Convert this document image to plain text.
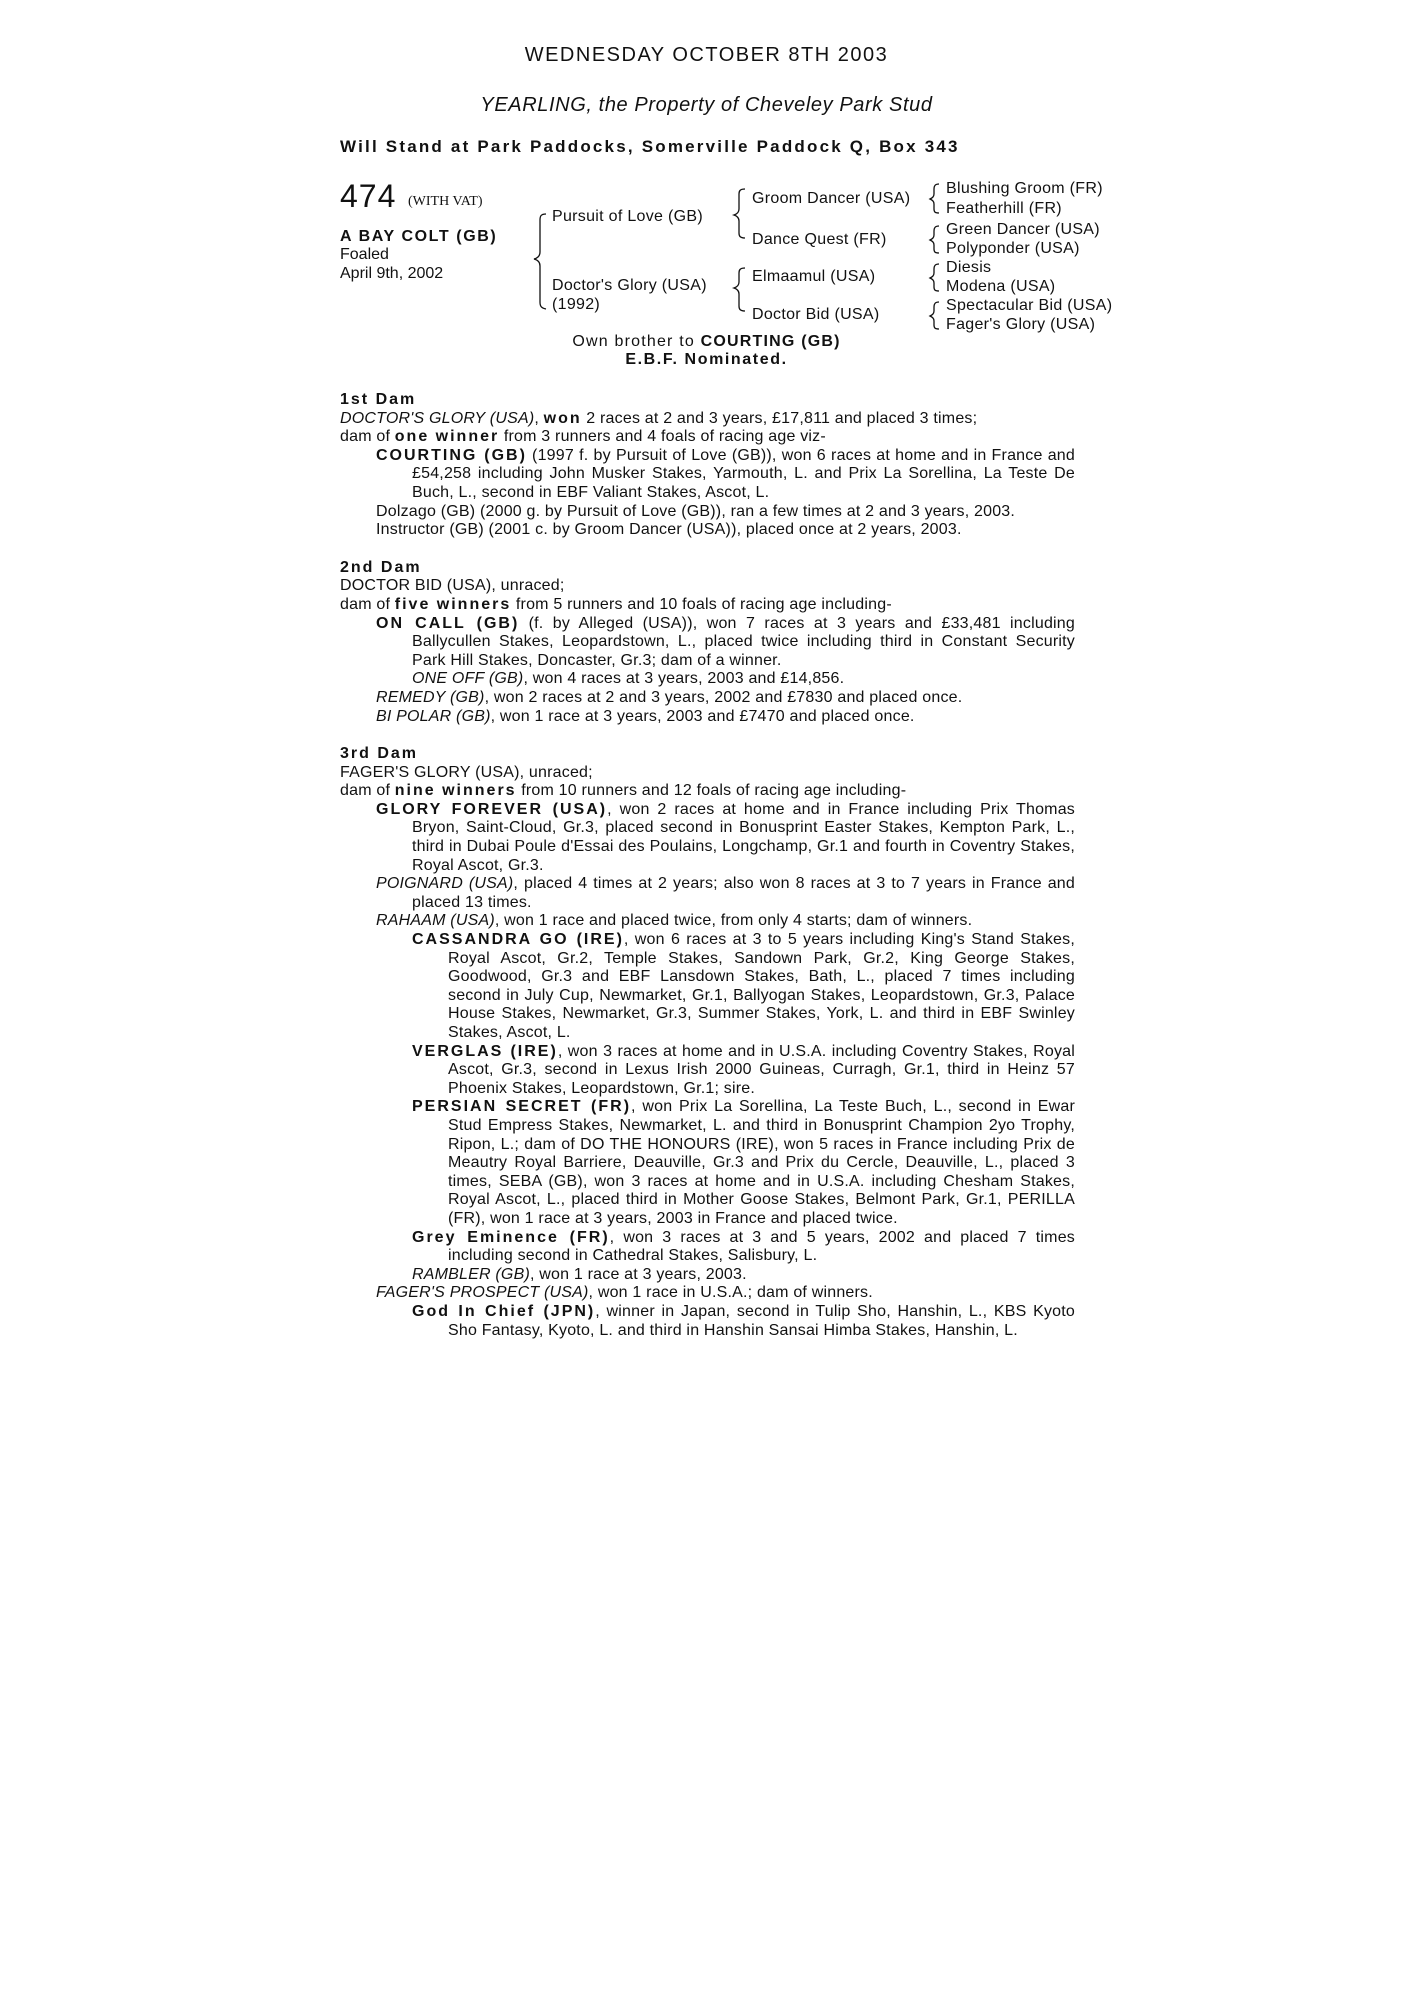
WEDNESDAY OCTOBER 8TH 2003
YEARLING, the Property of Cheveley Park Stud
Will Stand at Park Paddocks, Somerville Paddock Q, Box 343
474 (WITH VAT)
A BAY COLT (GB)
Foaled
April 9th, 2002
Pursuit of Love (GB)
Doctor's Glory (USA)
(1992)
Groom Dancer (USA)
Dance Quest (FR)
Elmaamul (USA)
Doctor Bid (USA)
Blushing Groom (FR)
Featherhill (FR)
Green Dancer (USA)
Polyponder (USA)
Diesis
Modena (USA)
Spectacular Bid (USA)
Fager's Glory (USA)
Own brother to COURTING (GB)
E.B.F. Nominated.

1st Dam

DOCTOR'S GLORY (USA), won 2 races at 2 and 3 years, £17,811 and placed 3 times;

dam of one winner from 3 runners and 4 foals of racing age viz-

COURTING (GB) (1997 f. by Pursuit of Love (GB)), won 6 races at home and in France and £54,258 including John Musker Stakes, Yarmouth, L. and Prix La Sorellina, La Teste De Buch, L., second in EBF Valiant Stakes, Ascot, L.

Dolzago (GB) (2000 g. by Pursuit of Love (GB)), ran a few times at 2 and 3 years, 2003.

Instructor (GB) (2001 c. by Groom Dancer (USA)), placed once at 2 years, 2003.

2nd Dam

DOCTOR BID (USA), unraced;

dam of five winners from 5 runners and 10 foals of racing age including-

ON CALL (GB) (f. by Alleged (USA)), won 7 races at 3 years and £33,481 including Ballycullen Stakes, Leopardstown, L., placed twice including third in Constant Security Park Hill Stakes, Doncaster, Gr.3; dam of a winner.

ONE OFF (GB), won 4 races at 3 years, 2003 and £14,856.

REMEDY (GB), won 2 races at 2 and 3 years, 2002 and £7830 and placed once.

BI POLAR (GB), won 1 race at 3 years, 2003 and £7470 and placed once.

3rd Dam

FAGER'S GLORY (USA), unraced;

dam of nine winners from 10 runners and 12 foals of racing age including-

GLORY FOREVER (USA), won 2 races at home and in France including Prix Thomas Bryon, Saint-Cloud, Gr.3, placed second in Bonusprint Easter Stakes, Kempton Park, L., third in Dubai Poule d'Essai des Poulains, Longchamp, Gr.1 and fourth in Coventry Stakes, Royal Ascot, Gr.3.

POIGNARD (USA), placed 4 times at 2 years; also won 8 races at 3 to 7 years in France and placed 13 times.

RAHAAM (USA), won 1 race and placed twice, from only 4 starts; dam of winners.

CASSANDRA GO (IRE), won 6 races at 3 to 5 years including King's Stand Stakes, Royal Ascot, Gr.2, Temple Stakes, Sandown Park, Gr.2, King George Stakes, Goodwood, Gr.3 and EBF Lansdown Stakes, Bath, L., placed 7 times including second in July Cup, Newmarket, Gr.1, Ballyogan Stakes, Leopardstown, Gr.3, Palace House Stakes, Newmarket, Gr.3, Summer Stakes, York, L. and third in EBF Swinley Stakes, Ascot, L.

VERGLAS (IRE), won 3 races at home and in U.S.A. including Coventry Stakes, Royal Ascot, Gr.3, second in Lexus Irish 2000 Guineas, Curragh, Gr.1, third in Heinz 57 Phoenix Stakes, Leopardstown, Gr.1; sire.

PERSIAN SECRET (FR), won Prix La Sorellina, La Teste Buch, L., second in Ewar Stud Empress Stakes, Newmarket, L. and third in Bonusprint Champion 2yo Trophy, Ripon, L.; dam of DO THE HONOURS (IRE), won 5 races in France including Prix de Meautry Royal Barriere, Deauville, Gr.3 and Prix du Cercle, Deauville, L., placed 3 times, SEBA (GB), won 3 races at home and in U.S.A. including Chesham Stakes, Royal Ascot, L., placed third in Mother Goose Stakes, Belmont Park, Gr.1, PERILLA (FR), won 1 race at 3 years, 2003 in France and placed twice.

Grey Eminence (FR), won 3 races at 3 and 5 years, 2002 and placed 7 times including second in Cathedral Stakes, Salisbury, L.

RAMBLER (GB), won 1 race at 3 years, 2003.

FAGER'S PROSPECT (USA), won 1 race in U.S.A.; dam of winners.

God In Chief (JPN), winner in Japan, second in Tulip Sho, Hanshin, L., KBS Kyoto Sho Fantasy, Kyoto, L. and third in Hanshin Sansai Himba Stakes, Hanshin, L.
